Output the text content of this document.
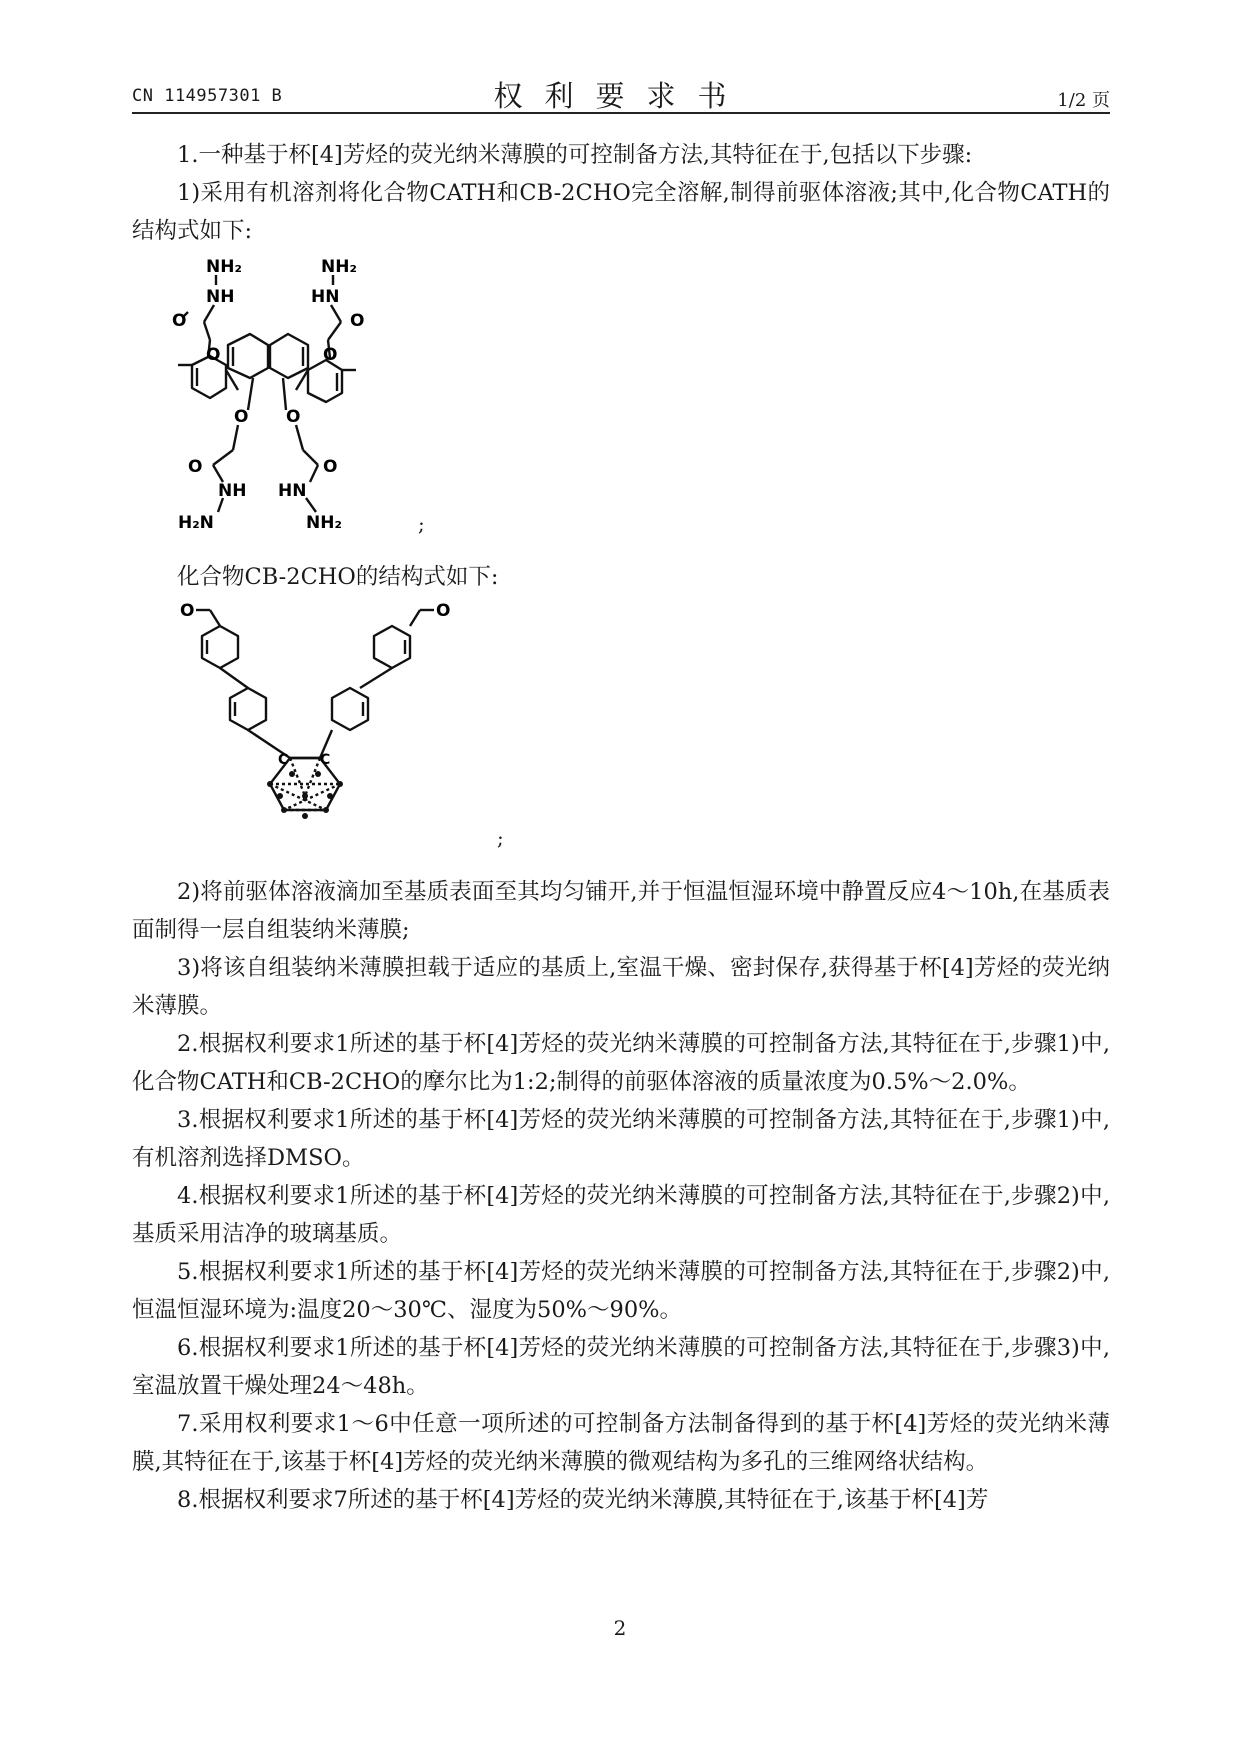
CN 114957301 B	权利要求书	1/2 页

1.一种基于杯[4]芳烃的荧光纳米薄膜的可控制备方法,其特征在于,包括以下步骤:

1)采用有机溶剂将化合物CATH和CB-2CHO完全溶解,制得前驱体溶液;其中,化合物CATH的结构式如下:

NH₂
NH
NH₂
HN
O	O
O	O
O O
O	O
NH HN
H₂N	NH₂	;
化合物CB-2CHO的结构式如下:
O	O
C C
;

2)将前驱体溶液滴加至基质表面至其均匀铺开,并于恒温恒湿环境中静置反应4～10h,在基质表面制得一层自组装纳米薄膜;

3)将该自组装纳米薄膜担载于适应的基质上,室温干燥、密封保存,获得基于杯[4]芳烃的荧光纳米薄膜。

2.根据权利要求1所述的基于杯[4]芳烃的荧光纳米薄膜的可控制备方法,其特征在于,步骤1)中,化合物CATH和CB-2CHO的摩尔比为1:2;制得的前驱体溶液的质量浓度为0.5%～2.0%。

3.根据权利要求1所述的基于杯[4]芳烃的荧光纳米薄膜的可控制备方法,其特征在于,步骤1)中,有机溶剂选择DMSO。

4.根据权利要求1所述的基于杯[4]芳烃的荧光纳米薄膜的可控制备方法,其特征在于,步骤2)中,基质采用洁净的玻璃基质。

5.根据权利要求1所述的基于杯[4]芳烃的荧光纳米薄膜的可控制备方法,其特征在于,步骤2)中,恒温恒湿环境为:温度20～30℃、湿度为50%～90%。

6.根据权利要求1所述的基于杯[4]芳烃的荧光纳米薄膜的可控制备方法,其特征在于,步骤3)中,室温放置干燥处理24～48h。

7.采用权利要求1～6中任意一项所述的可控制备方法制备得到的基于杯[4]芳烃的荧光纳米薄膜,其特征在于,该基于杯[4]芳烃的荧光纳米薄膜的微观结构为多孔的三维网络状结构。

8.根据权利要求7所述的基于杯[4]芳烃的荧光纳米薄膜,其特征在于,该基于杯[4]芳

2
